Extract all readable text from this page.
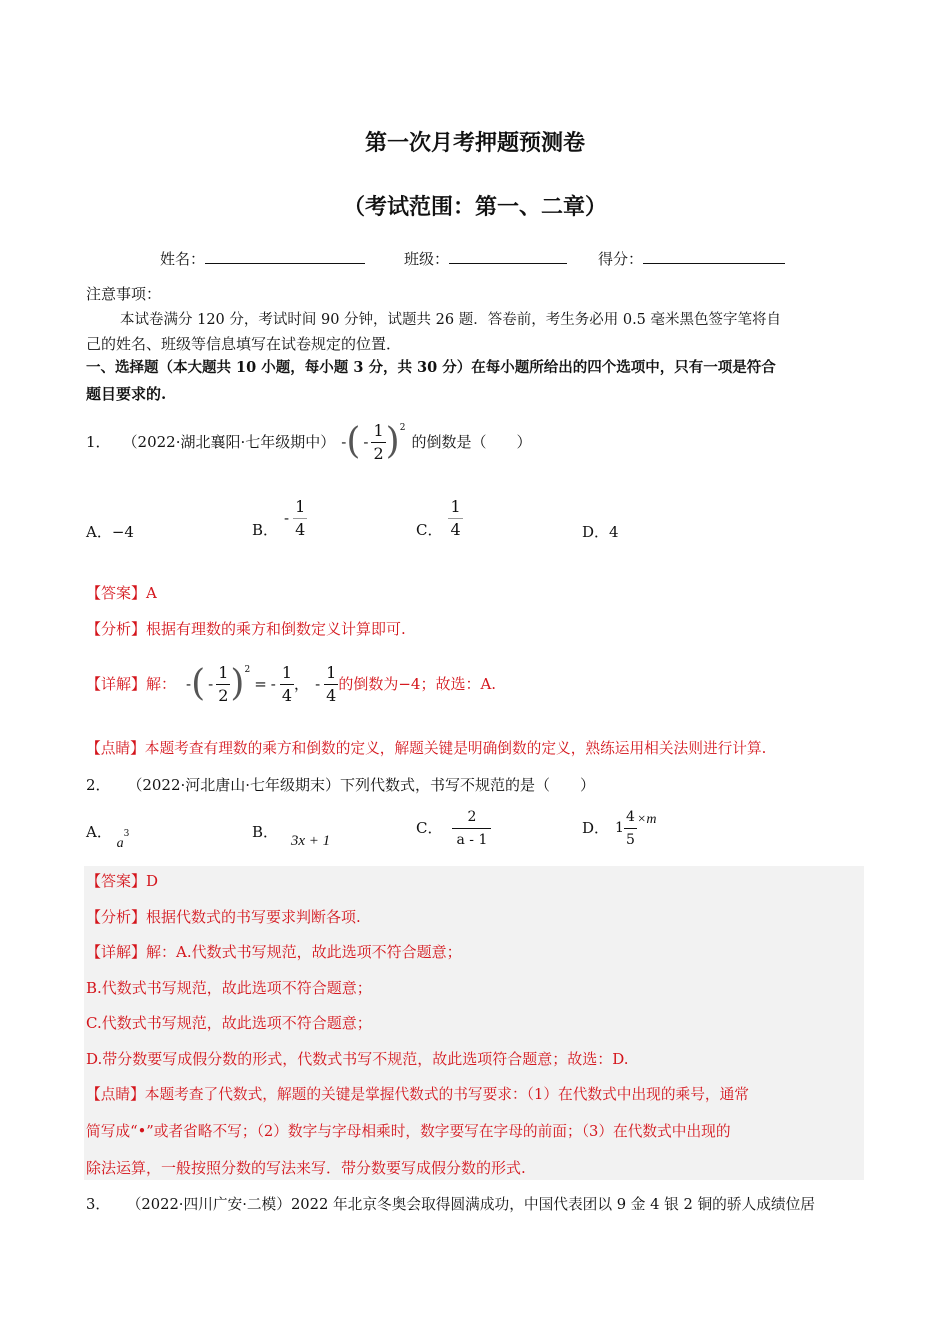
第一次月考押题预测卷
（考试范围：第一、二章）
姓名：	班级：	得分：
注意事项：
本试卷满分 120 分，考试时间 90 分钟，试题共 26 题．答卷前，考生务必用 0.5 毫米黑色签字笔将自
己的姓名、班级等信息填写在试卷规定的位置．
一、选择题（本大题共 10 小题，每小题 3 分，共 30 分）在每小题所给出的四个选项中，只有一项是符合
题目要求的.
1． （2022·湖北襄阳·七年级期中） - ( - $\frac{1}{2}$ ) 2
的倒数是（　　）
A．−4	B．
- $\frac{1}{4}$	C． $\frac{1}{4}$	D．4
【答案】A
【分析】根据有理数的乘方和倒数定义计算即可.
【详解】 解： - ( - $\frac{1}{2}$ ) 2
= - $\frac{1}{4}$ ， - $\frac{1}{4}$ 的倒数为−4；故选：A.
【点睛】本题考查有理数的乘方和倒数的定义，解题关键是明确倒数的定义，熟练运用相关法则进行计算.
2． （2022·河北唐山·七年级期末）下列代数式，书写不规范的是（　　）
A． $a^3$	B． 3x + 1
C． $\frac{2}{a - 1}$	D． $1 \frac{4}{5} \times m$
【答案】D
【分析】根据代数式的书写要求判断各项.
【详解】解：A.代数式书写规范，故此选项不符合题意；
B.代数式书写规范，故此选项不符合题意；
C.代数式书写规范，故此选项不符合题意；
D.带分数要写成假分数的形式，代数式书写不规范，故此选项符合题意；故选：D.
【点睛】本题考查了代数式，解题的关键是掌握代数式的书写要求：（1）在代数式中出现的乘号，通常
简写成“•”或者省略不写；（2）数字与字母相乘时，数字要写在字母的前面；（3）在代数式中出现的
除法运算，一般按照分数的写法来写．带分数要写成假分数的形式.
3． （2022·四川广安·二模）2022 年北京冬奥会取得圆满成功，中国代表团以 9 金 4 银 2 铜的骄人成绩位居
